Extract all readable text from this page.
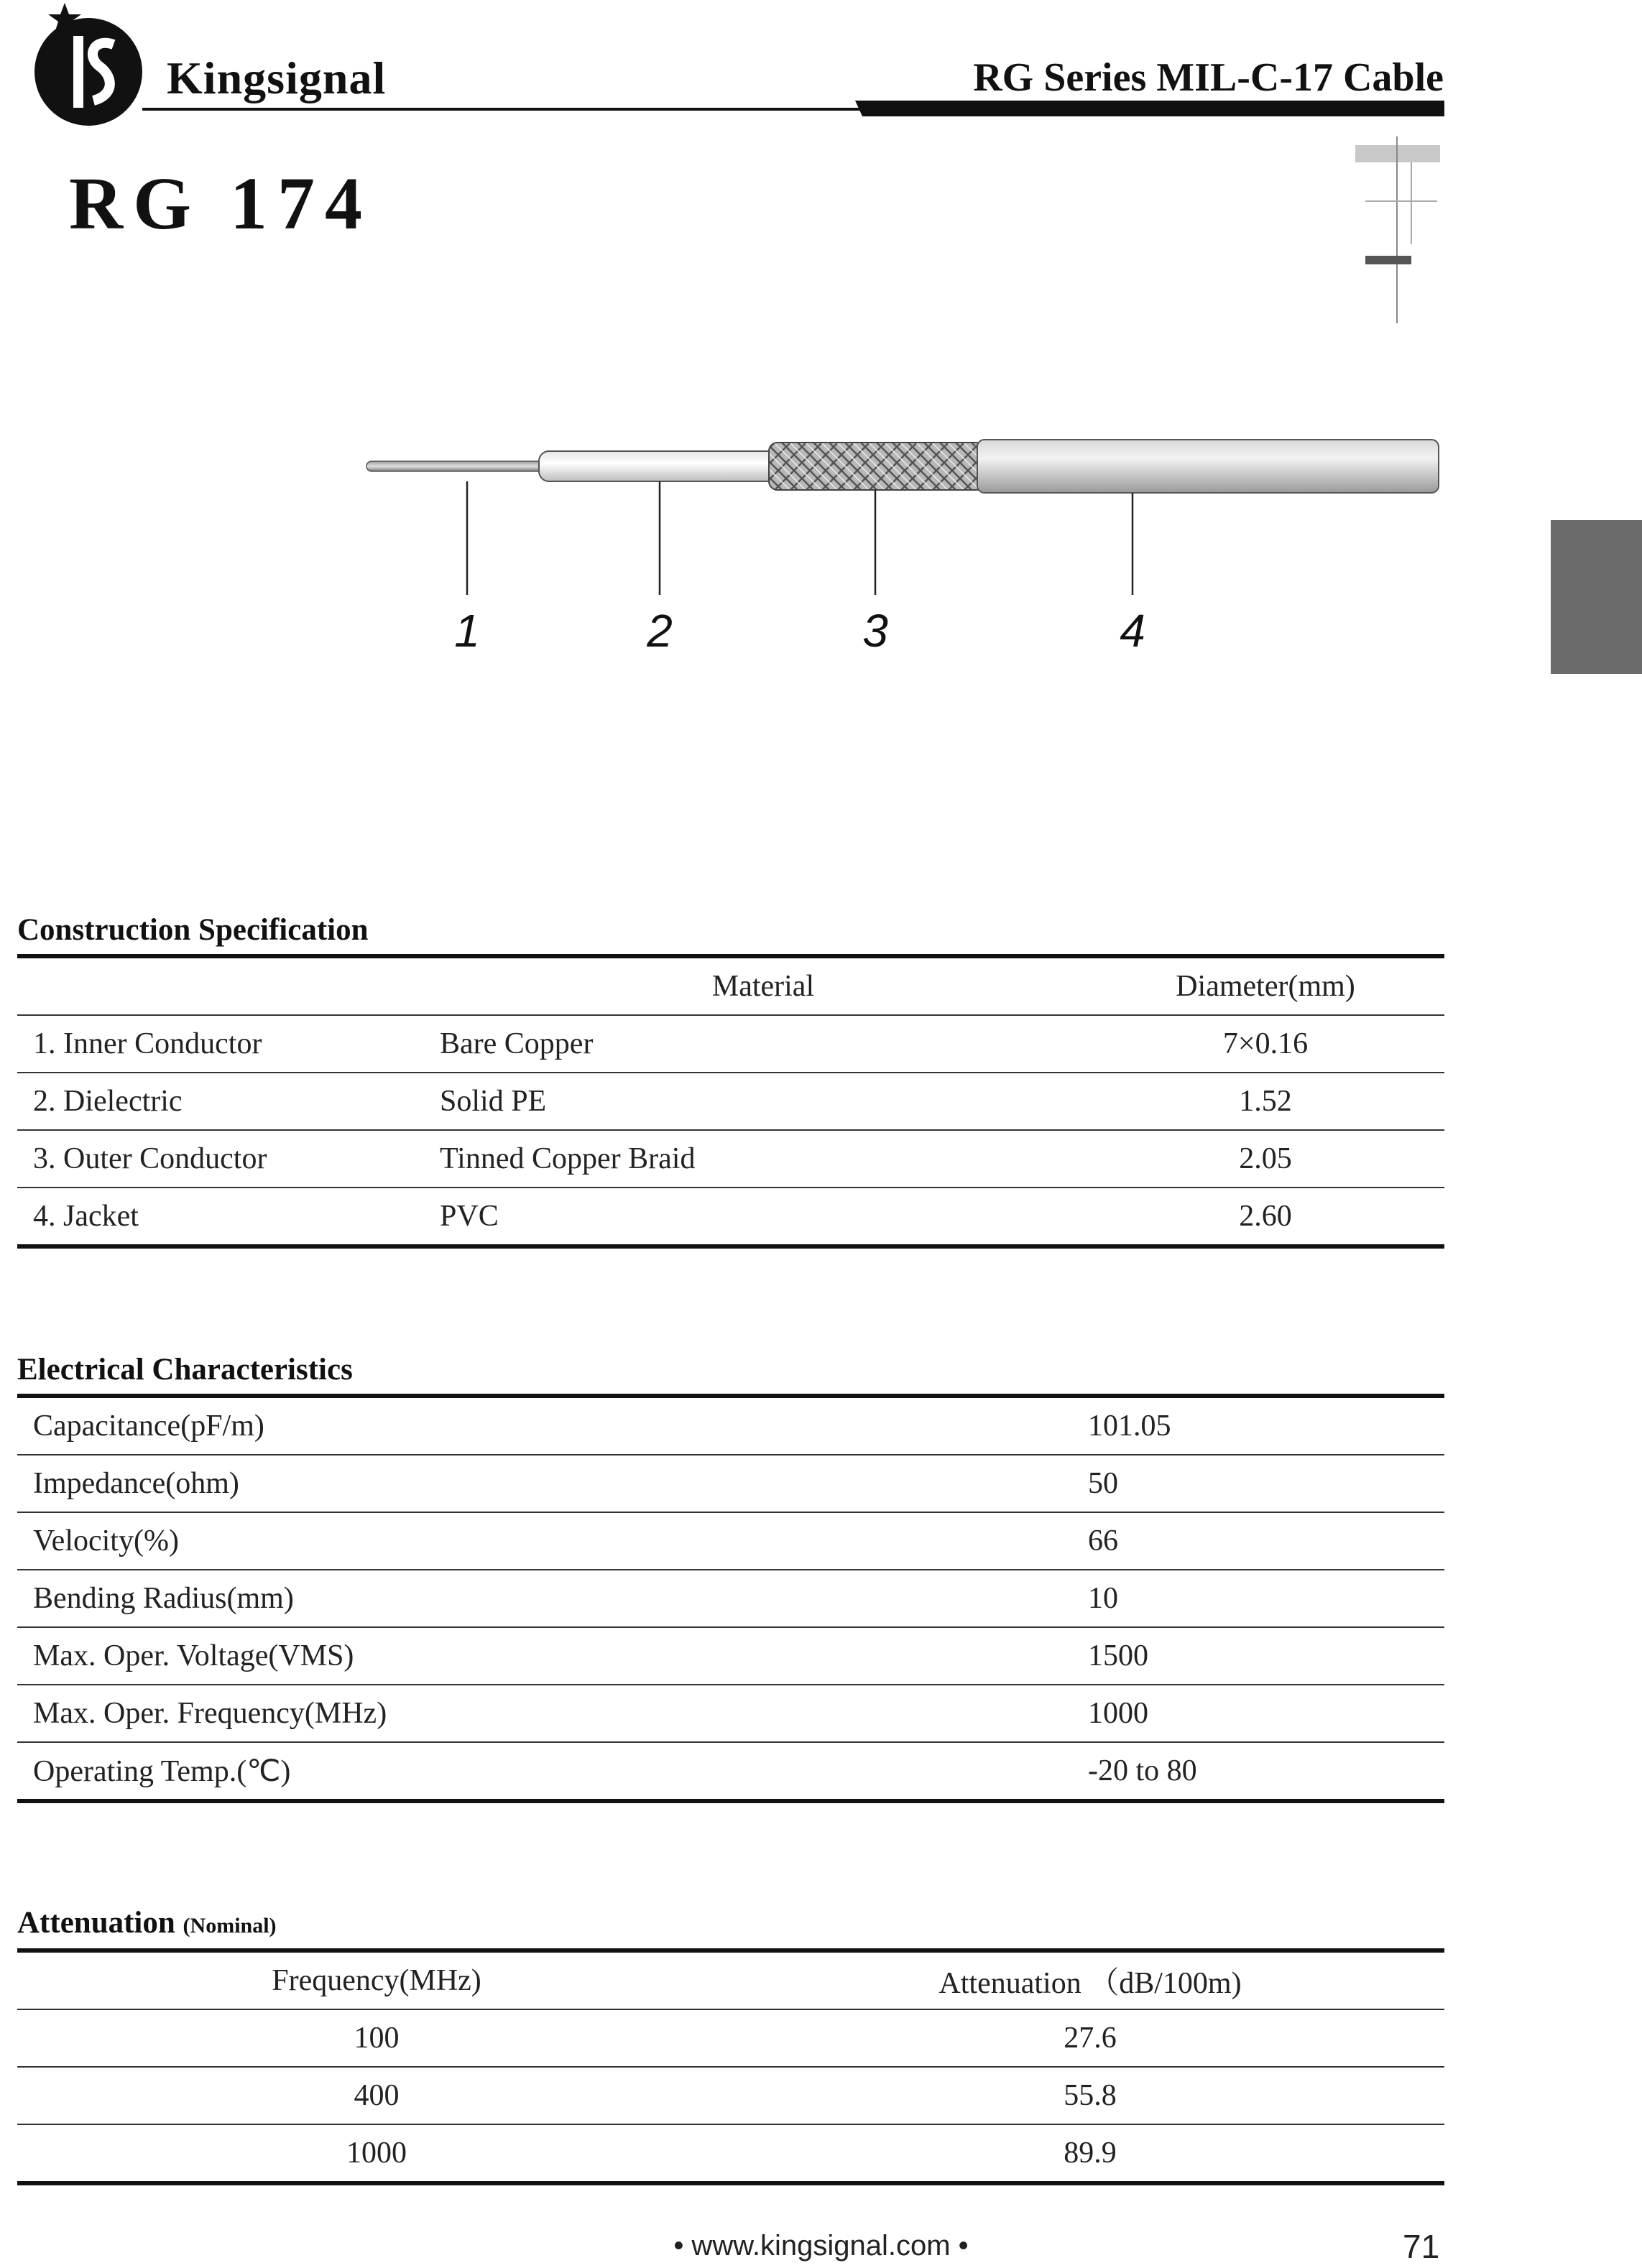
KS
Kingsignal	RG Series MIL-C-17 Cable
RG 174
1	2	3	4
Construction Specification
	Material	Diameter(mm)
1. Inner Conductor	Bare Copper	7×0.16
2. Dielectric	Solid PE	1.52
3. Outer Conductor	Tinned Copper Braid	2.05
4. Jacket	PVC	2.60
Electrical Characteristics
Capacitance(pF/m)	101.05
Impedance(ohm)	50
Velocity(%)	66
Bending Radius(mm)	10
Max. Oper. Voltage(VMS)	1500
Max. Oper. Frequency(MHz)	1000
Operating Temp.(℃)	-20 to 80
Attenuation (Nominal)
Frequency(MHz)	Attenuation （dB/100m)
100	27.6
400	55.8
1000	89.9
• www.kingsignal.com •	71
